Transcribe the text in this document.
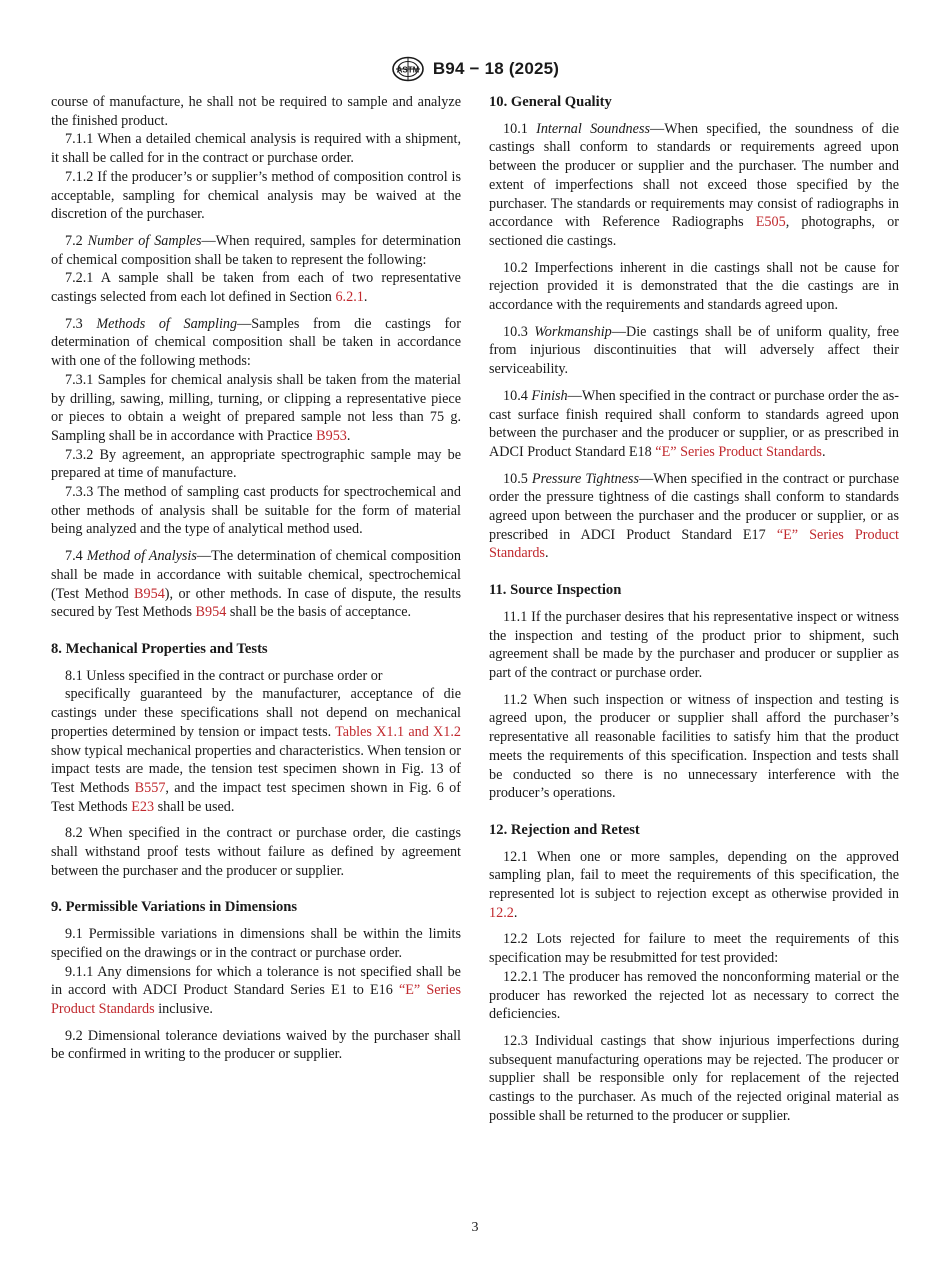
ASTM B94 − 18 (2025)

course of manufacture, he shall not be required to sample and analyze the finished product.

7.1.1 When a detailed chemical analysis is required with a shipment, it shall be called for in the contract or purchase order.

7.1.2 If the producer’s or supplier’s method of composition control is acceptable, sampling for chemical analysis may be waived at the discretion of the purchaser.

7.2 Number of Samples—When required, samples for determination of chemical composition shall be taken to represent the following:

7.2.1 A sample shall be taken from each of two representative castings selected from each lot defined in Section 6.2.1.

7.3 Methods of Sampling—Samples from die castings for determination of chemical composition shall be taken in accordance with one of the following methods:

7.3.1 Samples for chemical analysis shall be taken from the material by drilling, sawing, milling, turning, or clipping a representative piece or pieces to obtain a weight of prepared sample not less than 75 g. Sampling shall be in accordance with Practice B953.

7.3.2 By agreement, an appropriate spectrographic sample may be prepared at time of manufacture.

7.3.3 The method of sampling cast products for spectrochemical and other methods of analysis shall be suitable for the form of material being analyzed and the type of analytical method used.

7.4 Method of Analysis—The determination of chemical composition shall be made in accordance with suitable chemical, spectrochemical (Test Method B954), or other methods. In case of dispute, the results secured by Test Methods B954 shall be the basis of acceptance.

8. Mechanical Properties and Tests

8.1 Unless specified in the contract or purchase order or

specifically guaranteed by the manufacturer, acceptance of die castings under these specifications shall not depend on mechanical properties determined by tension or impact tests. Tables X1.1 and X1.2 show typical mechanical properties and characteristics. When tension or impact tests are made, the tension test specimen shown in Fig. 13 of Test Methods B557, and the impact test specimen shown in Fig. 6 of Test Methods E23 shall be used.

8.2 When specified in the contract or purchase order, die castings shall withstand proof tests without failure as defined by agreement between the purchaser and the producer or supplier.

9. Permissible Variations in Dimensions

9.1 Permissible variations in dimensions shall be within the limits specified on the drawings or in the contract or purchase order.

9.1.1 Any dimensions for which a tolerance is not specified shall be in accord with ADCI Product Standard Series E1 to E16 “E” Series Product Standards inclusive.

9.2 Dimensional tolerance deviations waived by the purchaser shall be confirmed in writing to the producer or supplier.

10. General Quality

10.1 Internal Soundness—When specified, the soundness of die castings shall conform to standards or requirements agreed upon between the producer or supplier and the purchaser. The number and extent of imperfections shall not exceed those specified by the purchaser. The standards or requirements may consist of radiographs in accordance with Reference Radiographs E505, photographs, or sectioned die castings.

10.2 Imperfections inherent in die castings shall not be cause for rejection provided it is demonstrated that the die castings are in accordance with the requirements and standards agreed upon.

10.3 Workmanship—Die castings shall be of uniform quality, free from injurious discontinuities that will adversely affect their serviceability.

10.4 Finish—When specified in the contract or purchase order the as-cast surface finish required shall conform to standards agreed upon between the purchaser and the producer or supplier, or as prescribed in ADCI Product Standard E18 “E” Series Product Standards.

10.5 Pressure Tightness—When specified in the contract or purchase order the pressure tightness of die castings shall conform to standards agreed upon between the purchaser and the producer or supplier, or as prescribed in ADCI Product Standard E17 “E” Series Product Standards.

11. Source Inspection

11.1 If the purchaser desires that his representative inspect or witness the inspection and testing of the product prior to shipment, such agreement shall be made by the purchaser and producer or supplier as part of the contract or purchase order.

11.2 When such inspection or witness of inspection and testing is agreed upon, the producer or supplier shall afford the purchaser’s representative all reasonable facilities to satisfy him that the product meets the requirements of this specification. Inspection and tests shall be conducted so there is no unnecessary interference with the producer’s operations.

12. Rejection and Retest

12.1 When one or more samples, depending on the approved sampling plan, fail to meet the requirements of this specification, the represented lot is subject to rejection except as otherwise provided in 12.2.

12.2 Lots rejected for failure to meet the requirements of this specification may be resubmitted for test provided:

12.2.1 The producer has removed the nonconforming material or the producer has reworked the rejected lot as necessary to correct the deficiencies.

12.3 Individual castings that show injurious imperfections during subsequent manufacturing operations may be rejected. The producer or supplier shall be responsible only for replacement of the rejected castings to the purchaser. As much of the rejected original material as possible shall be returned to the producer or supplier.

3
